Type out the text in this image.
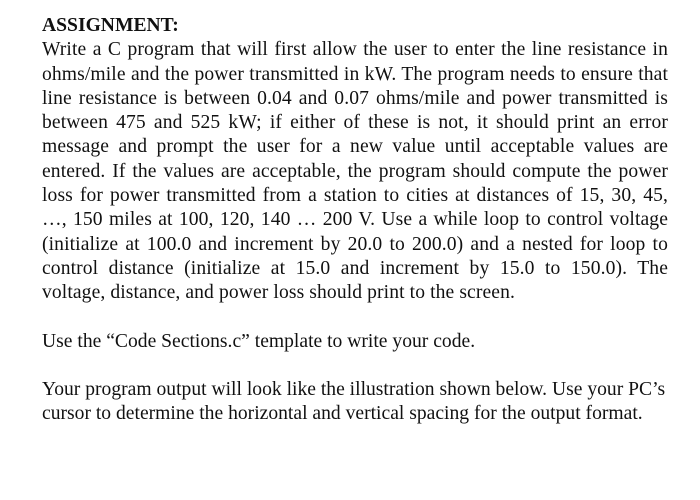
ASSIGNMENT:

Write a C program that will first allow the user to enter the line resistance in ohms/mile and the power transmitted in kW. The program needs to ensure that line resistance is between 0.04 and 0.07 ohms/mile and power transmitted is between 475 and 525 kW; if either of these is not, it should print an error message and prompt the user for a new value until acceptable values are entered. If the values are acceptable, the program should compute the power loss for power transmitted from a station to cities at distances of 15, 30, 45, …, 150 miles at 100, 120, 140 … 200 V. Use a while loop to control voltage (initialize at 100.0 and increment by 20.0 to 200.0) and a nested for loop to control distance (initialize at 15.0 and increment by 15.0 to 150.0). The voltage, distance, and power loss should print to the screen.

Use the “Code Sections.c” template to write your code.

Your program output will look like the illustration shown below. Use your PC’s cursor to determine the horizontal and vertical spacing for the output format.
